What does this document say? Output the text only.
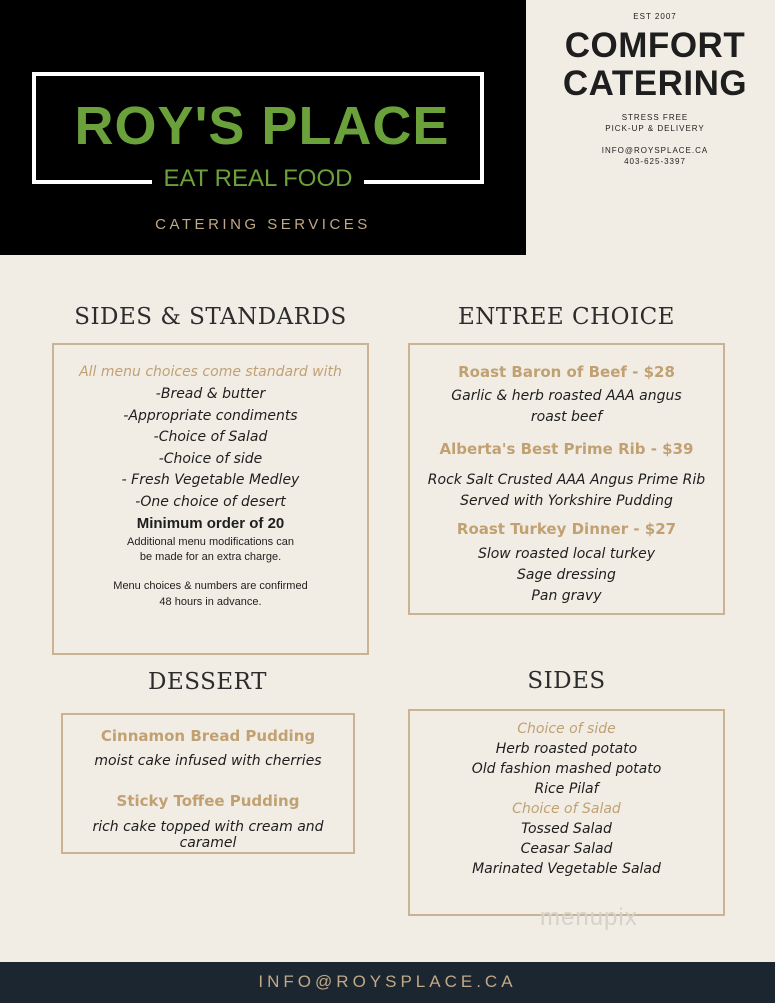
ROY'S PLACE
EAT REAL FOOD
CATERING SERVICES
EST 2007
COMFORT
CATERING
STRESS FREE
PICK-UP & DELIVERY
INFO@ROYSPLACE.CA
403-625-3397
SIDES & STANDARDS
All menu choices come standard with
-Bread & butter
-Appropriate condiments
-Choice of Salad
-Choice of side
- Fresh Vegetable Medley
-One choice of desert
Minimum order of 20
Additional menu modifications can
be made for an extra charge.
Menu choices & numbers are confirmed
48 hours in advance.
ENTREE CHOICE
Roast Baron of Beef - $28
Garlic & herb roasted AAA angus
roast beef
Alberta's Best Prime Rib - $39
Rock Salt Crusted AAA Angus Prime Rib
Served with Yorkshire Pudding
Roast Turkey Dinner - $27
Slow roasted local turkey
Sage dressing
Pan gravy
DESSERT
Cinnamon Bread Pudding
moist cake infused with cherries
Sticky Toffee Pudding
rich cake topped with cream and caramel
SIDES
Choice of side
Herb roasted potato
Old fashion mashed potato
Rice Pilaf
Choice of Salad
Tossed Salad
Ceasar Salad
Marinated Vegetable Salad
menupix
INFO@ROYSPLACE.CA
